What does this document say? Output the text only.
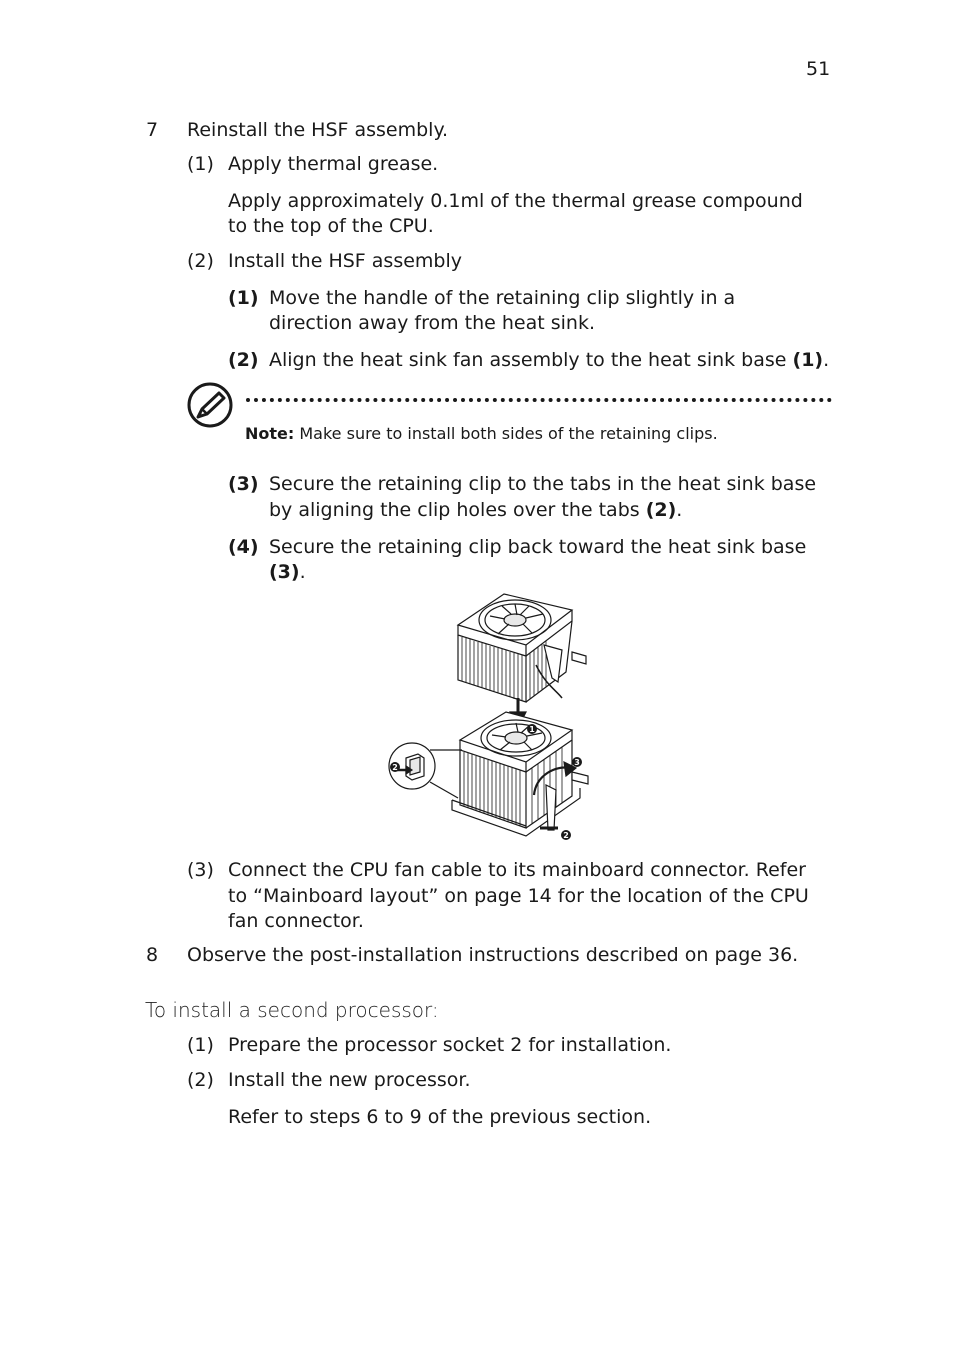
51
7 Reinstall the HSF assembly.
(1) Apply thermal grease.
Apply approximately 0.1ml of the thermal grease compound
to the top of the CPU.
(2) Install the HSF assembly
(1) Move the handle of the retaining clip slightly in a
direction away from the heat sink.
(2) Align the heat sink fan assembly to the heat sink base (1).
Note: Make sure to install both sides of the retaining clips.
(3) Secure the retaining clip to the tabs in the heat sink base
by aligning the clip holes over the tabs (2).
(4) Secure the retaining clip back toward the heat sink base
(3).
1
2
3
2
(3) Connect the CPU fan cable to its mainboard connector. Refer
to “Mainboard layout” on page 14 for the location of the CPU
fan connector.
8 Observe the post-installation instructions described on page 36.
To install a second processor:
(1) Prepare the processor socket 2 for installation.
(2) Install the new processor.
Refer to steps 6 to 9 of the previous section.
